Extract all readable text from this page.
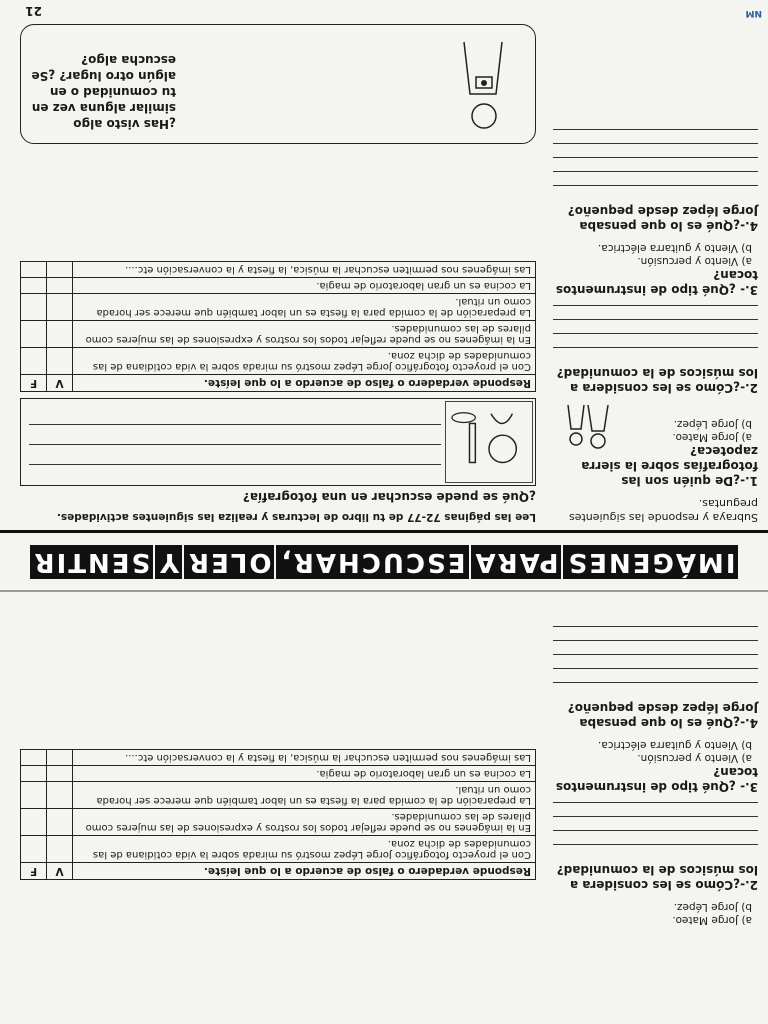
IMÁGENES
PARA
ESCUCHAR,
OLER
Y
SENTIR
Subraya y responde las siguientes preguntas.
1.-¿De quién son las fotografías sobre la sierra zapoteca?
a) Jorge Mateo.
b) Jorge Lépez.
2.-¿Cómo se les considera a los músicos de la comunidad?
3.- ¿Qué tipo de instrumentos tocan?
a) Viento y percusión.
b) Viento y guitarra eléctrica.
4.-¿Qué es lo que pensaba Jorge lépez desde pequeño?
Lee las páginas 72-77 de tu libro de lecturas y realiza las siguientes actividades.
¿Qué se puede escuchar en una fotografía?
Responde verdadero o falso de acuerdo a lo que leíste.	V	F
Con el proyecto fotográfico Jorge Lépez mostró su mirada sobre la vida cotidiana de las comunidades de dicha zona.		
En la imágenes no se puede reflejar todos los rostros y expresiones de las mujeres como pilares de las comunidades.		
La preparación de la comida para la fiesta es un labor también que merece ser horada como un ritual.		
La cocina es un gran laboratorio de magia.		
Las imágenes nos permiten escuchar la música, la fiesta y la conversación etc....		
¿Has visto algo similar alguna vez en tu comunidad o en algún otro lugar? ¿Se escucha algo?
NM
21
a) Jorge Mateo.
b) Jorge Lépez.
2.-¿Cómo se les considera a los músicos de la comunidad?
3.- ¿Qué tipo de instrumentos tocan?
a) Viento y percusión.
b) Viento y guitarra eléctrica.
4.-¿Qué es lo que pensaba Jorge lépez desde pequeño?
Responde verdadero o falso de acuerdo a lo que leíste.	V	F
Con el proyecto fotográfico Jorge Lépez mostró su mirada sobre la vida cotidiana de las comunidades de dicha zona.		
En la imágenes no se puede reflejar todos los rostros y expresiones de las mujeres como pilares de las comunidades.		
La preparación de la comida para la fiesta es un labor también que merece ser horada como un ritual.		
La cocina es un gran laboratorio de magia.		
Las imágenes nos permiten escuchar la música, la fiesta y la conversación etc....		
